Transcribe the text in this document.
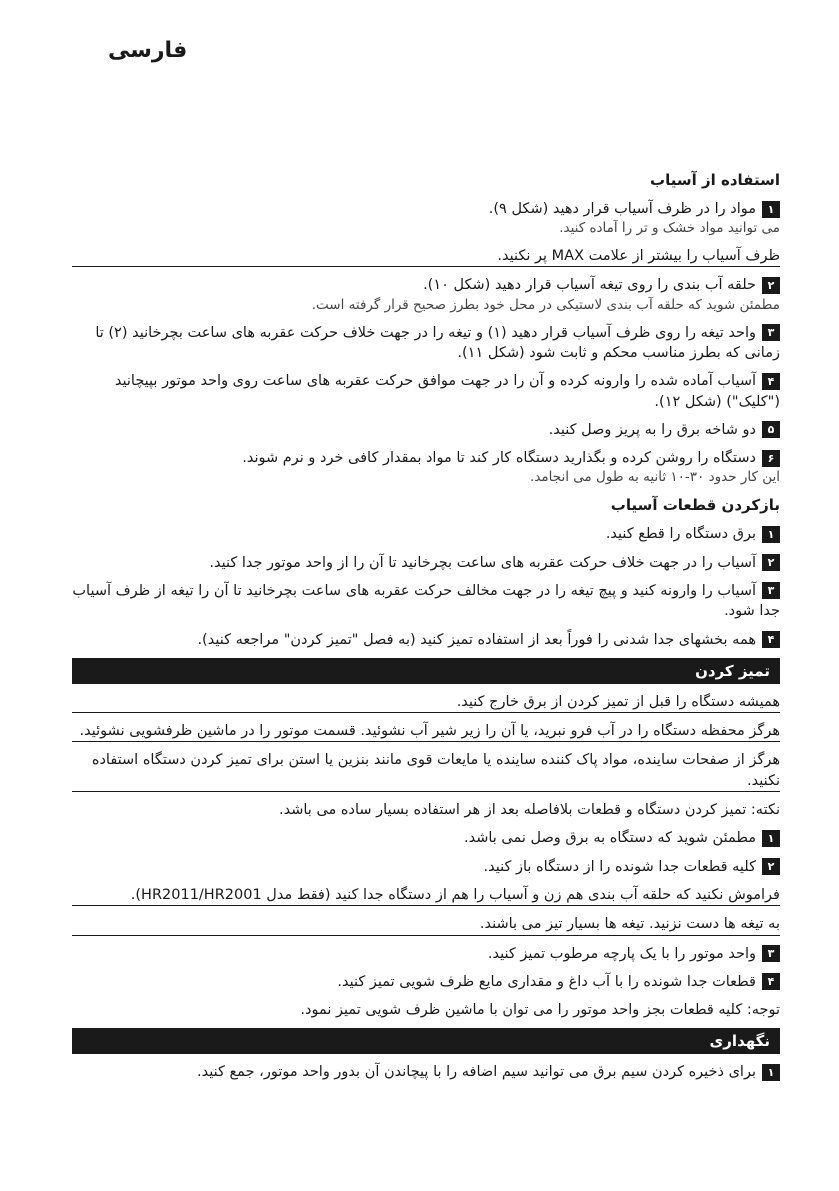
فارسی
استفاده از آسیاب
۱مواد را در ظرف آسیاب قرار دهید (شکل ۹).
می توانید مواد خشک و تر را آماده کنید.
ظرف آسیاب را بیشتر از علامت MAX پر نکنید.
۲حلقه آب بندی را روی تیغه آسیاب قرار دهید (شکل ۱۰).
مطمئن شوید که حلقه آب بندی لاستیکی در محل خود بطرز صحیح قرار گرفته است.
۳واحد تیغه را روی ظرف آسیاب قرار دهید (۱) و تیغه را در جهت خلاف حرکت عقربه های ساعت بچرخانید (۲) تا زمانی که بطرز مناسب محکم و ثابت شود (شکل ۱۱).
۴آسیاب آماده شده را وارونه کرده و آن را در جهت موافق حرکت عقربه های ساعت روی واحد موتور بپیچانید ("کلیک") (شکل ۱۲).
۵دو شاخه برق را به پریز وصل کنید.
۶دستگاه را روشن کرده و بگذارید دستگاه کار کند تا مواد بمقدار کافی خرد و نرم شوند.
این کار حدود ۳۰-۱۰ ثانیه به طول می انجامد.
بازکردن قطعات آسیاب
۱برق دستگاه را قطع کنید.
۲آسیاب را در جهت خلاف حرکت عقربه های ساعت بچرخانید تا آن را از واحد موتور جدا کنید.
۳آسیاب را وارونه کنید و پیچ تیغه را در جهت مخالف حرکت عقربه های ساعت بچرخانید تا آن را تیغه از ظرف آسیاب جدا شود.
۴همه بخشهای جدا شدنی را فوراً بعد از استفاده تمیز کنید (به فصل "تمیز کردن" مراجعه کنید).
تمیز کردن
همیشه دستگاه را قبل از تمیز کردن از برق خارج کنید.
هرگز محفظه دستگاه را در آب فرو نبرید، یا آن را زیر شیر آب نشوئید. قسمت موتور را در ماشین ظرفشویی نشوئید.
هرگز از صفحات ساینده، مواد پاک کننده ساینده یا مایعات قوی مانند بنزین یا استن برای تمیز کردن دستگاه استفاده نکنید.
نکته: تمیز کردن دستگاه و قطعات بلافاصله بعد از هر استفاده بسیار ساده می باشد.
۱مطمئن شوید که دستگاه به برق وصل نمی باشد.
۲کلیه قطعات جدا شونده را از دستگاه باز کنید.
فراموش نکنید که حلقه آب بندی هم زن و آسیاب را هم از دستگاه جدا کنید (فقط مدل HR2011/HR2001).
به تیغه ها دست نزنید. تیغه ها بسیار تیز می باشند.
۳واحد موتور را با یک پارچه مرطوب تمیز کنید.
۴قطعات جدا شونده را با آب داغ و مقداری مایع ظرف شویی تمیز کنید.
توجه: کلیه قطعات بجز واحد موتور را می توان با ماشین ظرف شویی تمیز نمود.
نگهداری
۱برای ذخیره کردن سیم برق می توانید سیم اضافه را با پیچاندن آن بدور واحد موتور، جمع کنید.
